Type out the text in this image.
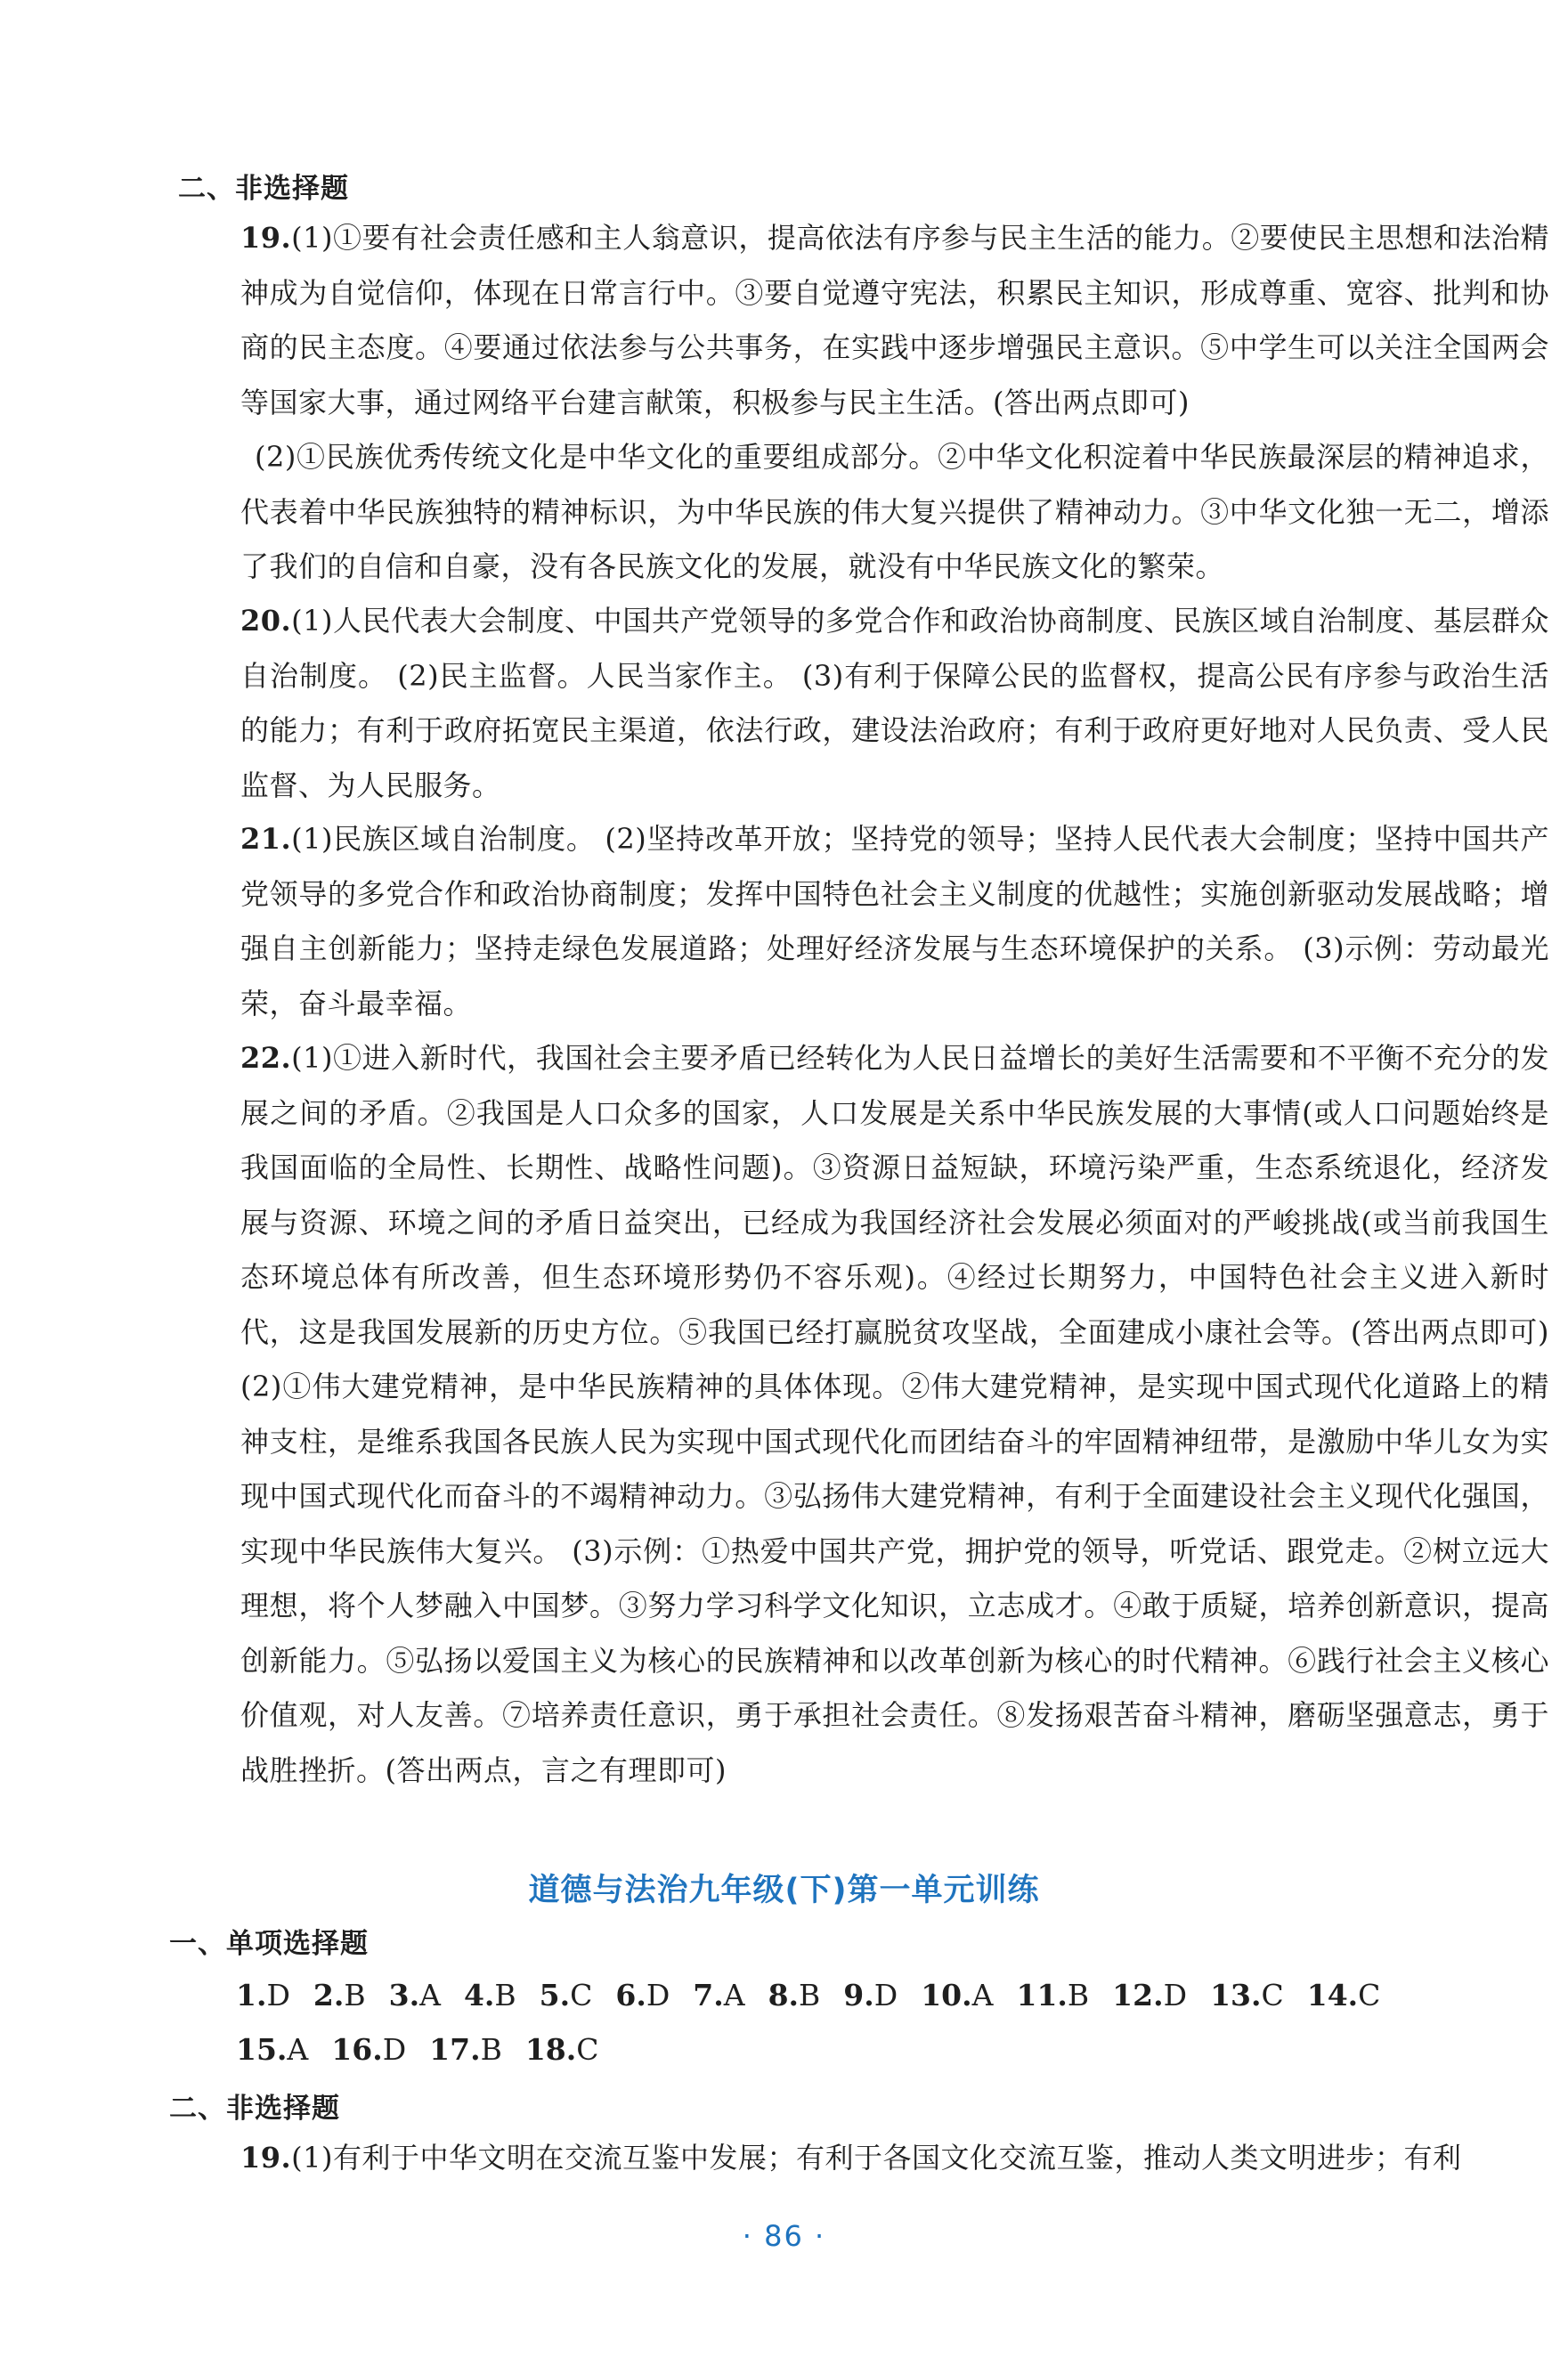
二、非选择题
19.(1)①要有社会责任感和主人翁意识，提高依法有序参与民主生活的能力。②要使民主思想和法治精神成为自觉信仰，体现在日常言行中。③要自觉遵守宪法，积累民主知识，形成尊重、宽容、批判和协商的民主态度。④要通过依法参与公共事务，在实践中逐步增强民主意识。⑤中学生可以关注全国两会等国家大事，通过网络平台建言献策，积极参与民主生活。(答出两点即可)
(2)①民族优秀传统文化是中华文化的重要组成部分。②中华文化积淀着中华民族最深层的精神追求，代表着中华民族独特的精神标识，为中华民族的伟大复兴提供了精神动力。③中华文化独一无二，增添了我们的自信和自豪，没有各民族文化的发展，就没有中华民族文化的繁荣。
20.(1)人民代表大会制度、中国共产党领导的多党合作和政治协商制度、民族区域自治制度、基层群众自治制度。 (2)民主监督。人民当家作主。 (3)有利于保障公民的监督权，提高公民有序参与政治生活的能力；有利于政府拓宽民主渠道，依法行政，建设法治政府；有利于政府更好地对人民负责、受人民监督、为人民服务。
21.(1)民族区域自治制度。 (2)坚持改革开放；坚持党的领导；坚持人民代表大会制度；坚持中国共产党领导的多党合作和政治协商制度；发挥中国特色社会主义制度的优越性；实施创新驱动发展战略；增强自主创新能力；坚持走绿色发展道路；处理好经济发展与生态环境保护的关系。 (3)示例：劳动最光荣，奋斗最幸福。
22.(1)①进入新时代，我国社会主要矛盾已经转化为人民日益增长的美好生活需要和不平衡不充分的发展之间的矛盾。②我国是人口众多的国家，人口发展是关系中华民族发展的大事情(或人口问题始终是我国面临的全局性、长期性、战略性问题)。③资源日益短缺，环境污染严重，生态系统退化，经济发展与资源、环境之间的矛盾日益突出，已经成为我国经济社会发展必须面对的严峻挑战(或当前我国生态环境总体有所改善，但生态环境形势仍不容乐观)。④经过长期努力，中国特色社会主义进入新时代，这是我国发展新的历史方位。⑤我国已经打赢脱贫攻坚战，全面建成小康社会等。(答出两点即可) (2)①伟大建党精神，是中华民族精神的具体体现。②伟大建党精神，是实现中国式现代化道路上的精神支柱，是维系我国各民族人民为实现中国式现代化而团结奋斗的牢固精神纽带，是激励中华儿女为实现中国式现代化而奋斗的不竭精神动力。③弘扬伟大建党精神，有利于全面建设社会主义现代化强国，实现中华民族伟大复兴。 (3)示例：①热爱中国共产党，拥护党的领导，听党话、跟党走。②树立远大理想，将个人梦融入中国梦。③努力学习科学文化知识，立志成才。④敢于质疑，培养创新意识，提高创新能力。⑤弘扬以爱国主义为核心的民族精神和以改革创新为核心的时代精神。⑥践行社会主义核心价值观，对人友善。⑦培养责任意识，勇于承担社会责任。⑧发扬艰苦奋斗精神，磨砺坚强意志，勇于战胜挫折。(答出两点，言之有理即可)
道德与法治九年级(下)第一单元训练
一、单项选择题
1.D 2.B 3.A 4.B 5.C 6.D 7.A 8.B 9.D 10.A 11.B 12.D 13.C 14.C
15.A 16.D 17.B 18.C
二、非选择题
19.(1)有利于中华文明在交流互鉴中发展；有利于各国文化交流互鉴，推动人类文明进步；有利
· 86 ·
